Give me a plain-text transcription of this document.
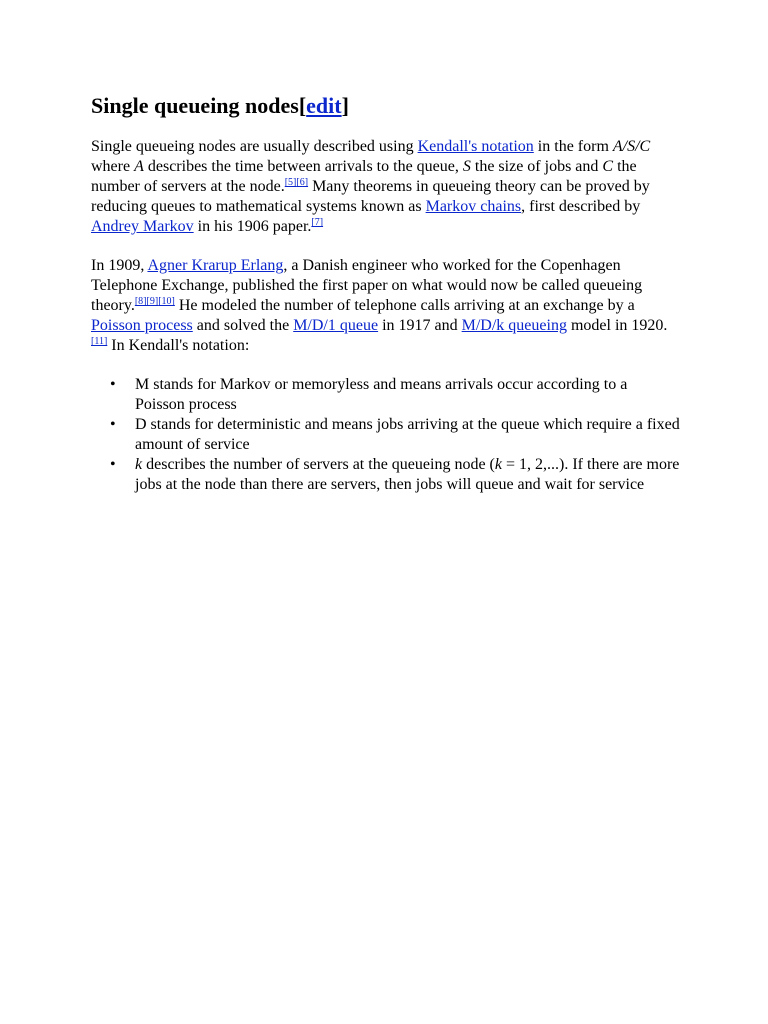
Single queueing nodes[edit]

Single queueing nodes are usually described using Kendall's notation in the form A/S/C where A describes the time between arrivals to the queue, S the size of jobs and C the number of servers at the node.[5][6] Many theorems in queueing theory can be proved by reducing queues to mathematical systems known as Markov chains, first described by Andrey Markov in his 1906 paper.[7]

In 1909, Agner Krarup Erlang, a Danish engineer who worked for the Copenhagen Telephone Exchange, published the first paper on what would now be called queueing theory.[8][9][10] He modeled the number of telephone calls arriving at an exchange by a Poisson process and solved the M/D/1 queue in 1917 and M/D/k queueing model in 1920.[11] In Kendall's notation:

• M stands for Markov or memoryless and means arrivals occur according to a Poisson process
• D stands for deterministic and means jobs arriving at the queue which require a fixed amount of service
• k describes the number of servers at the queueing node (k = 1, 2,...). If there are more jobs at the node than there are servers, then jobs will queue and wait for service
